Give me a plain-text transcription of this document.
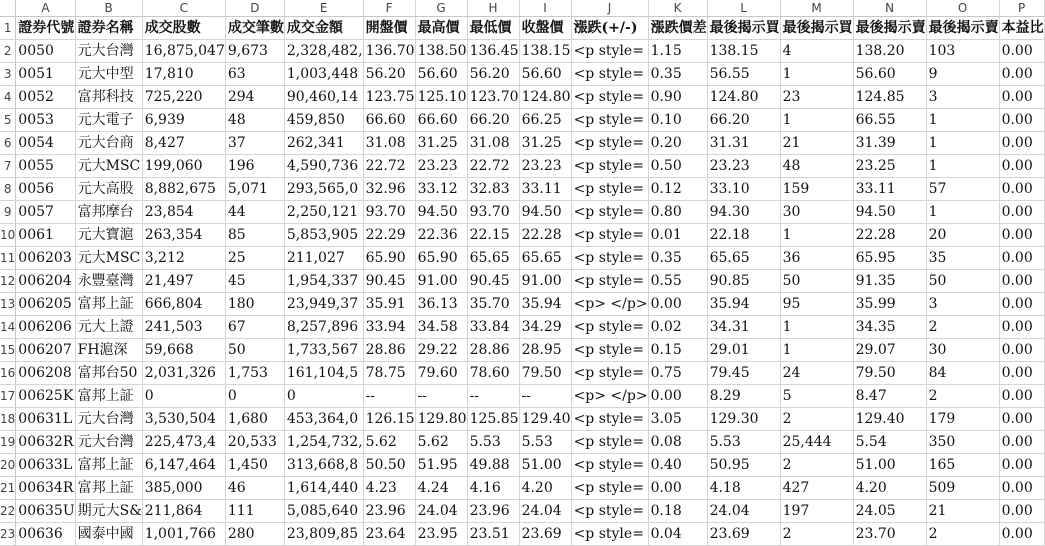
	A	B	C	D	E	F	G	H	I	J	K	L	M	N	O	P
1	證券代號	證券名稱	成交股數	成交筆數	成交金額	開盤價	最高價	最低價	收盤價	漲跌(+/-)	漲跌價差	最後揭示買	最後揭示買	最後揭示賣	最後揭示賣	本益比
2	0050	元大台灣	16,875,047	9,673	2,328,482,	136.70	138.50	136.45	138.15	<p style=	1.15	138.15	4	138.20	103	0.00
3	0051	元大中型	17,810	63	1,003,448	56.20	56.60	56.20	56.60	<p style=	0.35	56.55	1	56.60	9	0.00
4	0052	富邦科技	725,220	294	90,460,14	123.75	125.10	123.70	124.80	<p style=	0.90	124.80	23	124.85	3	0.00
5	0053	元大電子	6,939	48	459,850	66.60	66.60	66.20	66.25	<p style=	0.10	66.20	1	66.55	1	0.00
6	0054	元大台商	8,427	37	262,341	31.08	31.25	31.08	31.25	<p style=	0.20	31.31	21	31.39	1	0.00
7	0055	元大MSC	199,060	196	4,590,736	22.72	23.23	22.72	23.23	<p style=	0.50	23.23	48	23.25	1	0.00
8	0056	元大高股	8,882,675	5,071	293,565,0	32.96	33.12	32.83	33.11	<p style=	0.12	33.10	159	33.11	57	0.00
9	0057	富邦摩台	23,854	44	2,250,121	93.70	94.50	93.70	94.50	<p style=	0.80	94.30	30	94.50	1	0.00
10	0061	元大寶滬	263,354	85	5,853,905	22.29	22.36	22.15	22.28	<p style=	0.01	22.18	1	22.28	20	0.00
11	006203	元大MSC	3,212	25	211,027	65.90	65.90	65.65	65.65	<p style=	0.35	65.65	36	65.95	35	0.00
12	006204	永豐臺灣	21,497	45	1,954,337	90.45	91.00	90.45	91.00	<p style=	0.55	90.85	50	91.35	50	0.00
13	006205	富邦上証	666,804	180	23,949,37	35.91	36.13	35.70	35.94	<p> </p>	0.00	35.94	95	35.99	3	0.00
14	006206	元大上證	241,503	67	8,257,896	33.94	34.58	33.84	34.29	<p style=	0.02	34.31	1	34.35	2	0.00
15	006207	FH滬深	59,668	50	1,733,567	28.86	29.22	28.86	28.95	<p style=	0.15	29.01	1	29.07	30	0.00
16	006208	富邦台50	2,031,326	1,753	161,104,5	78.75	79.60	78.60	79.50	<p style=	0.75	79.45	24	79.50	84	0.00
17	00625K	富邦上証	0	0	0	--	--	--	--	<p> </p>	0.00	8.29	5	8.47	2	0.00
18	00631L	元大台灣	3,530,504	1,680	453,364,0	126.15	129.80	125.85	129.40	<p style=	3.05	129.30	2	129.40	179	0.00
19	00632R	元大台灣	225,473,4	20,533	1,254,732,	5.62	5.62	5.53	5.53	<p style=	0.08	5.53	25,444	5.54	350	0.00
20	00633L	富邦上証	6,147,464	1,450	313,668,8	50.50	51.95	49.88	51.00	<p style=	0.40	50.95	2	51.00	165	0.00
21	00634R	富邦上証	385,000	46	1,614,440	4.23	4.24	4.16	4.20	<p style=	0.00	4.18	427	4.20	509	0.00
22	00635U	期元大S&	211,864	111	5,085,640	23.96	24.04	23.96	24.04	<p style=	0.18	24.04	197	24.05	21	0.00
23	00636	國泰中國	1,001,766	280	23,809,85	23.64	23.95	23.51	23.69	<p style=	0.04	23.69	2	23.70	2	0.00
